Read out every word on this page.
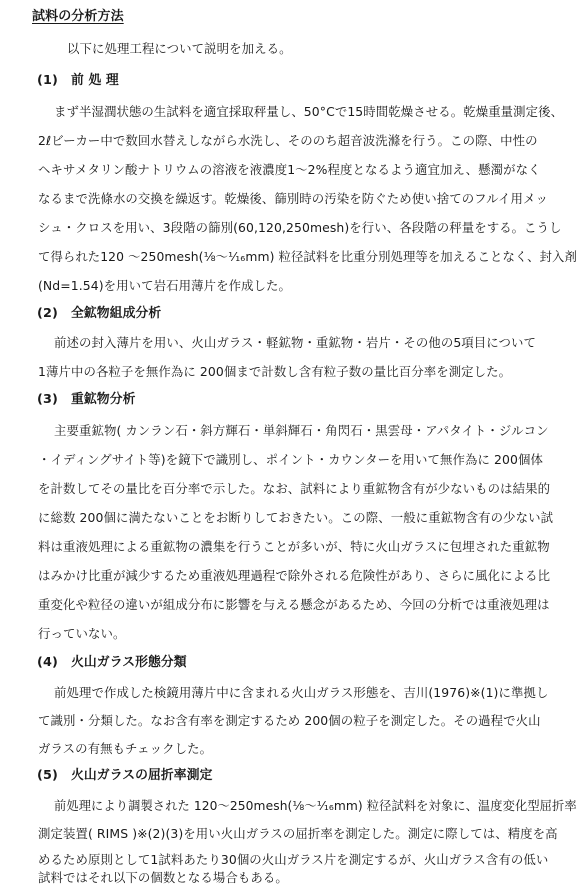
試料の分析方法
以下に処理工程について説明を加える。
(1) 前 処 理
まず半湿潤状態の生試料を適宜採取秤量し、50°Cで15時間乾燥させる。乾燥重量測定後、
2ℓビーカー中で数回水替えしながら水洗し、そののち超音波洗滌を行う。この際、中性の
ヘキサメタリン酸ナトリウムの溶液を液濃度1～2%程度となるよう適宜加え、懸濁がなく
なるまで洗條水の交換を繰返す。乾燥後、篩別時の汚染を防ぐため使い捨てのフルイ用メッ
シュ・クロスを用い、3段階の篩別(60,120,250mesh)を行い、各段階の秤量をする。こうし
て得られた120 ～250mesh(⅛～⅟₁₆mm) 粒径試料を比重分別処理等を加えることなく、封入剤
(Nd=1.54)を用いて岩石用薄片を作成した。
(2) 全鉱物組成分析
前述の封入薄片を用い、火山ガラス・軽鉱物・重鉱物・岩片・その他の5項目について
1薄片中の各粒子を無作為に 200個まで計数し含有粒子数の量比百分率を測定した。
(3) 重鉱物分析
主要重鉱物( カンラン石・斜方輝石・単斜輝石・角閃石・黒雲母・アパタイト・ジルコン
・イディングサイト等)を鏡下で識別し、ポイント・カウンターを用いて無作為に 200個体
を計数してその量比を百分率で示した。なお、試料により重鉱物含有が少ないものは結果的
に総数 200個に満たないことをお断りしておきたい。この際、一般に重鉱物含有の少ない試
料は重液処理による重鉱物の濃集を行うことが多いが、特に火山ガラスに包埋された重鉱物
はみかけ比重が減少するため重液処理過程で除外される危険性があり、さらに風化による比
重変化や粒径の違いが組成分布に影響を与える懸念があるため、今回の分析では重液処理は
行っていない。
(4) 火山ガラス形態分類
前処理で作成した検鏡用薄片中に含まれる火山ガラス形態を、吉川(1976)※(1)に準拠し
て識別・分類した。なお含有率を測定するため 200個の粒子を測定した。その過程で火山
ガラスの有無もチェックした。
(5) 火山ガラスの屈折率測定
前処理により調製された 120～250mesh(⅛～⅟₁₆mm) 粒径試料を対象に、温度変化型屈折率
測定装置( RIMS )※(2)(3)を用い火山ガラスの屈折率を測定した。測定に際しては、精度を高
めるため原則として1試料あたり30個の火山ガラス片を測定するが、火山ガラス含有の低い
試料ではそれ以下の個数となる場合もある。
